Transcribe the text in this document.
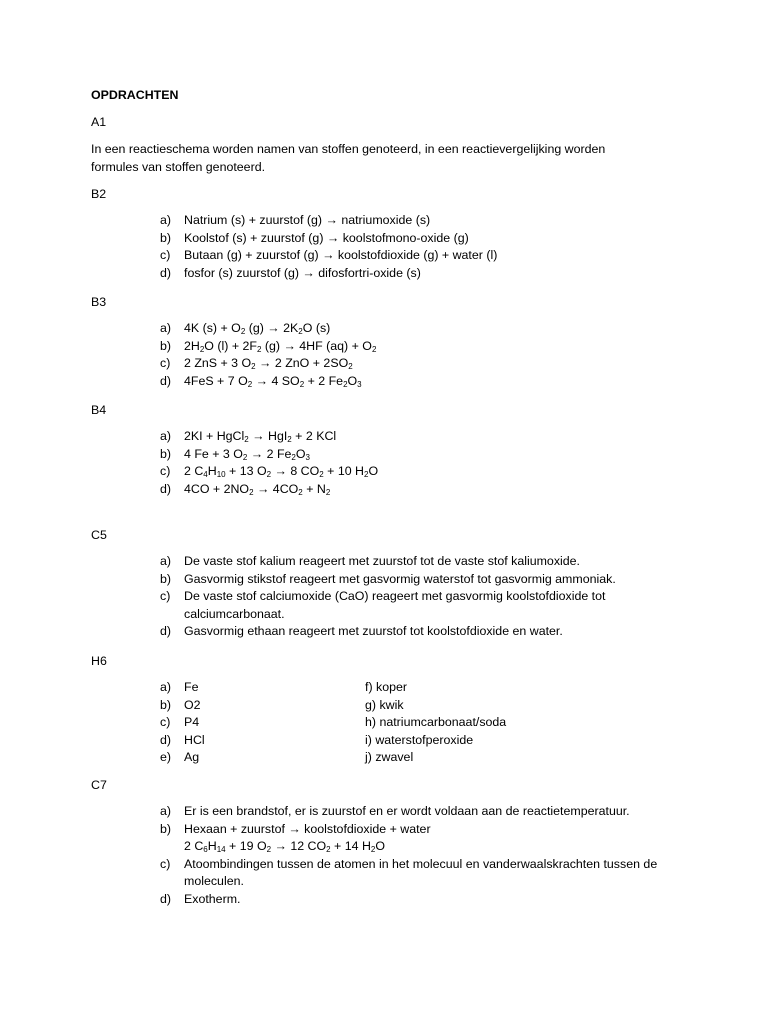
OPDRACHTEN
A1
In een reactieschema worden namen van stoffen genoteerd, in een reactievergelijking worden
formules van stoffen genoteerd.
B2
a)	Natrium (s) + zuurstof (g) → natriumoxide (s)
b)	Koolstof (s) + zuurstof (g) → koolstofmono-oxide (g)
c)	Butaan (g) + zuurstof (g) → koolstofdioxide (g) + water (l)
d)	fosfor (s) zuurstof (g) → difosfortri-oxide (s)
B3
a)	4K $(s) + O_2$ $(g) \to 2K_2O$ (s)
b)	$2H_2O$ $(l) + 2F_2$ (g) → 4HF $(aq) + O_2$
c)	2 ZnS + 3 $O_2 \to 2$ ZnO + $2SO_2$
d)	4FeS + 7 $O_2 \to 4$ $SO_2 + 2$ $Fe_2O_3$
B4
a)	2KI + HgCl$_2$ → HgI$_2$ + 2 KCl
b)	4 Fe + 3 $O_2 \to 2$ $Fe_2O_3$
c)	2 $C_4H_{10} + 13$ $O_2 \to 8$ $CO_2 + 10$ $H_2O$
d)	$4CO + 2NO_2 \to 4CO_2 + N_2$
C5
a)	De vaste stof kalium reageert met zuurstof tot de vaste stof kaliumoxide.
b)	Gasvormig stikstof reageert met gasvormig waterstof tot gasvormig ammoniak.
c)	De vaste stof calciumoxide (CaO) reageert met gasvormig koolstofdioxide tot calciumcarbonaat.
d)	Gasvormig ethaan reageert met zuurstof tot koolstofdioxide en water.
H6
a)	Fe	f) koper
b)	O2	g) kwik
c)	P4	h) natriumcarbonaat/soda
d)	HCl	i) waterstofperoxide
e)	Ag	j) zwavel
C7
a)	Er is een brandstof, er is zuurstof en er wordt voldaan aan de reactietemperatuur.
b)	Hexaan + zuurstof → koolstofdioxide + water
2 $C_6H_{14} + 19$ $O_2 \to 12$ $CO_2 + 14$ $H_2O$
c)	Atoombindingen tussen de atomen in het molecuul en vanderwaalskrachten tussen de moleculen.
d)	Exotherm.
